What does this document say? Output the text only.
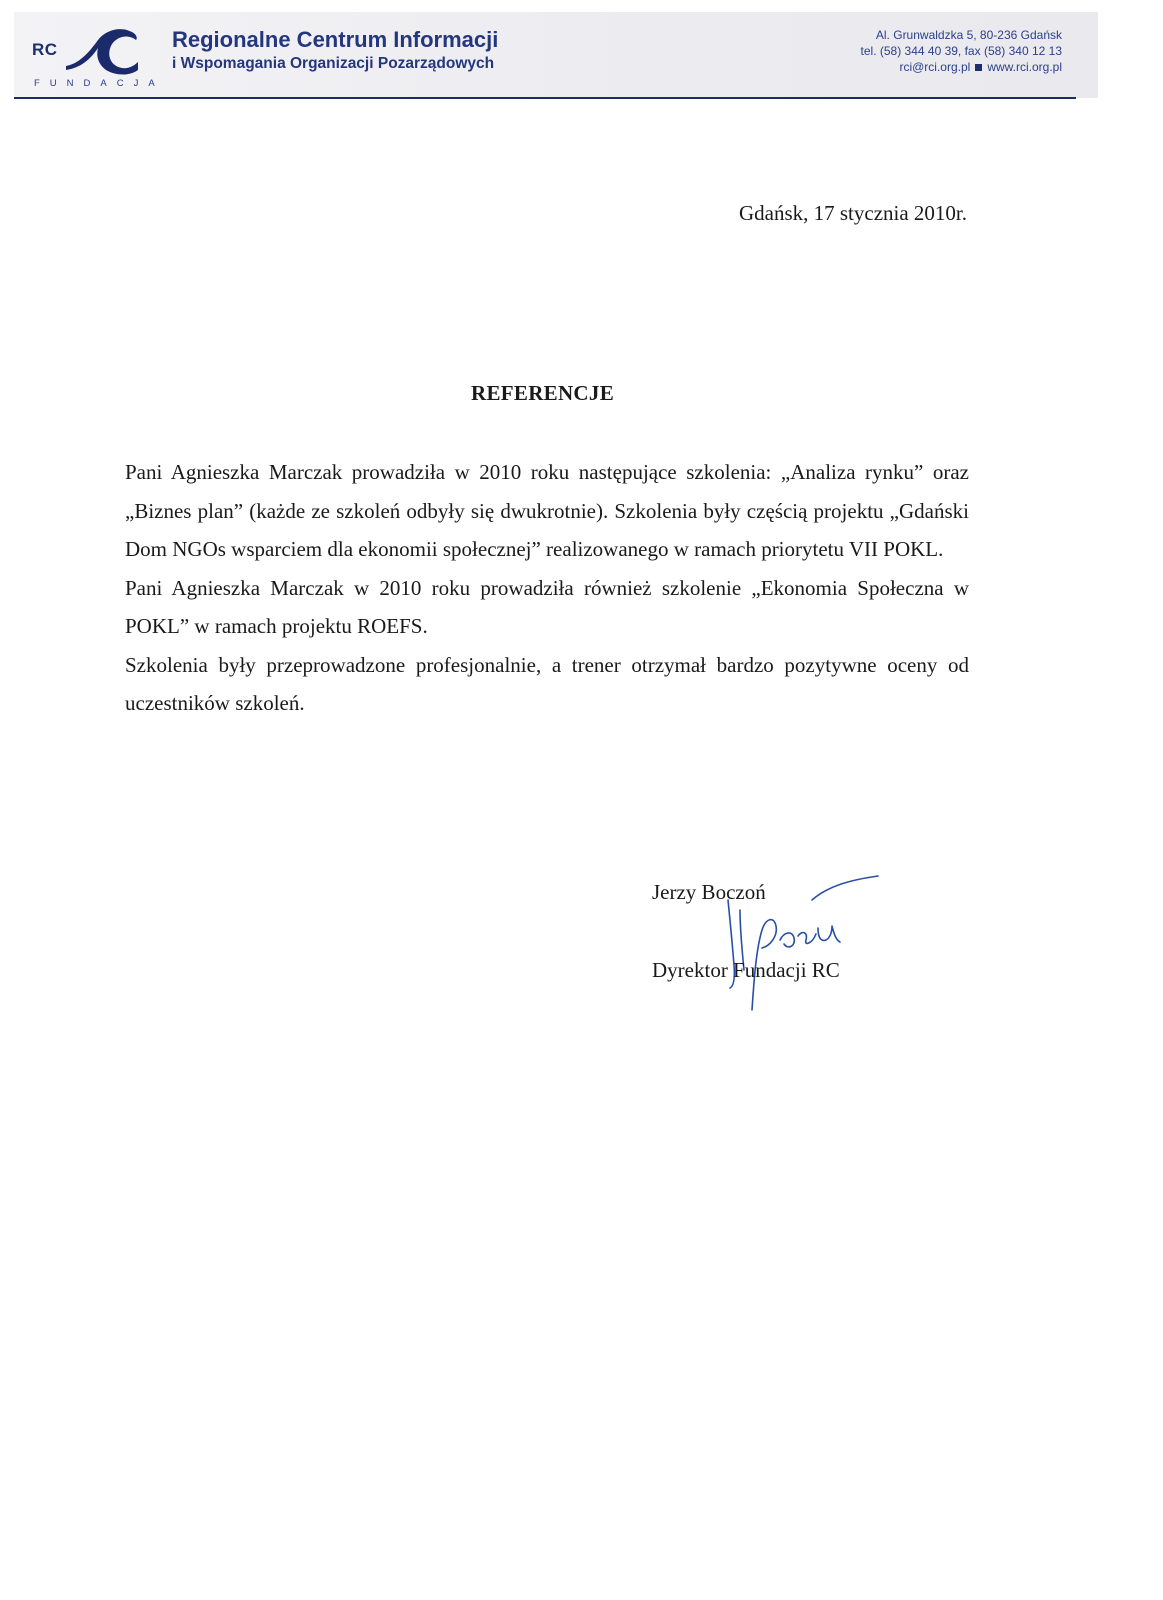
RC
FUNDACJA
Regionalne Centrum Informacji
i Wspomagania Organizacji Pozarządowych
Al. Grunwaldzka 5, 80-236 Gdańsk
tel. (58) 344 40 39, fax (58) 340 12 13
rci@rci.org.pl www.rci.org.pl
Gdańsk, 17 stycznia 2010r.
REFERENCJE

Pani Agnieszka Marczak prowadziła w 2010 roku następujące szkolenia: „Analiza rynku” oraz „Biznes plan” (każde ze szkoleń odbyły się dwukrotnie). Szkolenia były częścią projektu „Gdański Dom NGOs wsparciem dla ekonomii społecznej” realizowanego w ramach priorytetu VII POKL.

Pani Agnieszka Marczak w 2010 roku prowadziła również szkolenie „Ekonomia Społeczna w POKL” w ramach projektu ROEFS.

Szkolenia były przeprowadzone profesjonalnie, a trener otrzymał bardzo pozytywne oceny od uczestników szkoleń.

Jerzy Boczoń
Dyrektor Fundacji RC
